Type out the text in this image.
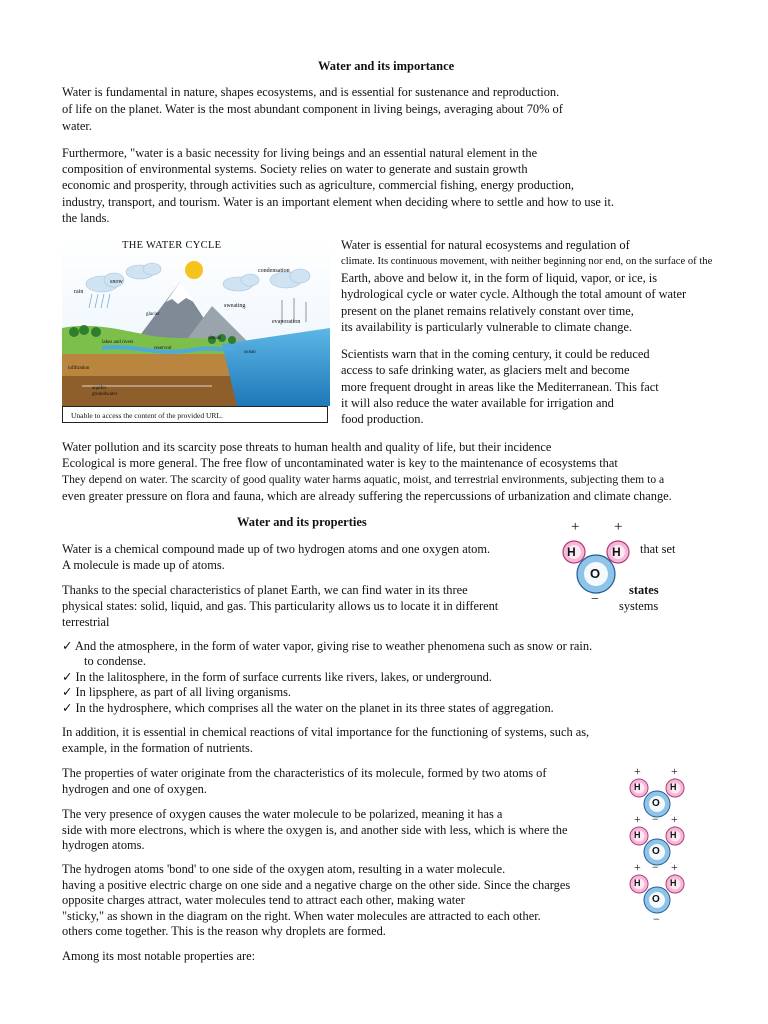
Water and its importance
Water is fundamental in nature, shapes ecosystems, and is essential for sustenance and reproduction.
of life on the planet. Water is the most abundant component in living beings, averaging about 70% of
water.
Furthermore, "water is a basic necessity for living beings and an essential natural element in the
composition of environmental systems. Society relies on water to generate and sustain growth
economic and prosperity, through activities such as agriculture, commercial fishing, energy production,
industry, transport, and tourism. Water is an important element when deciding where to settle and how to use it.
the lands.
THE WATER CYCLE
snow
rain
condensation
sweating
evaporation
glacier
lakes and rivers
clouds
ocean
infiltration
aquifer
groundwater
reservoir
Unable to access the content of the provided URL.
Water is essential for natural ecosystems and regulation of
climate. Its continuous movement, with neither beginning nor end, on the surface of the
Earth, above and below it, in the form of liquid, vapor, or ice, is
hydrological cycle or water cycle. Although the total amount of water
present on the planet remains relatively constant over time,
its availability is particularly vulnerable to climate change.
Scientists warn that in the coming century, it could be reduced
access to safe drinking water, as glaciers melt and become
more frequent drought in areas like the Mediterranean. This fact
it will also reduce the water available for irrigation and
food production.
Water pollution and its scarcity pose threats to human health and quality of life, but their incidence
Ecological is more general. The free flow of uncontaminated water is key to the maintenance of ecosystems that
They depend on water. The scarcity of good quality water harms aquatic, moist, and terrestrial environments, subjecting them to a
even greater pressure on flora and fauna, which are already suffering the repercussions of urbanization and climate change.
Water and its properties
Water is a chemical compound made up of two hydrogen atoms and one oxygen atom.
A molecule is made up of atoms.
that set
+ +
H	H
O
−
Thanks to the special characteristics of planet Earth, we can find water in its three
physical states: solid, liquid, and gas. This particularity allows us to locate it in different
terrestrial
states
systems
✓ And the atmosphere, in the form of water vapor, giving rise to weather phenomena such as snow or rain.
to condense.
✓ In the lalitosphere, in the form of surface currents like rivers, lakes, or underground.
✓ In lipsphere, as part of all living organisms.
✓ In the hydrosphere, which comprises all the water on the planet in its three states of aggregation.
In addition, it is essential in chemical reactions of vital importance for the functioning of systems, such as,
example, in the formation of nutrients.
The properties of water originate from the characteristics of its molecule, formed by two atoms of
hydrogen and one of oxygen.
The very presence of oxygen causes the water molecule to be polarized, meaning it has a
side with more electrons, which is where the oxygen is, and another side with less, which is where the
hydrogen atoms.
The hydrogen atoms 'bond' to one side of the oxygen atom, resulting in a water molecule.
having a positive electric charge on one side and a negative charge on the other side. Since the charges
opposite charges attract, water molecules tend to attract each other, making water
"sticky," as shown in the diagram on the right. When water molecules are attracted to each other.
others come together. This is the reason why droplets are formed.
+	+
H	H
O
+ − +
H	H
O
+ − +
H	H
O
−
Among its most notable properties are:
